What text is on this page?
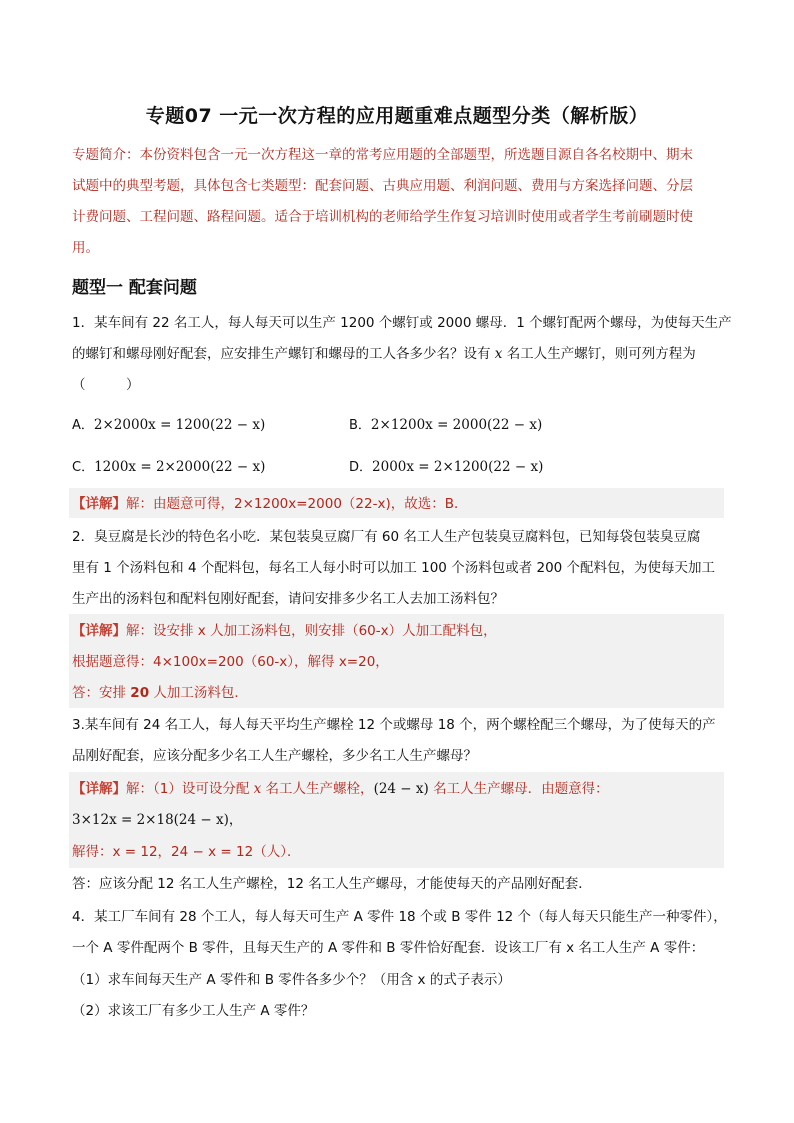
专题07 一元一次方程的应用题重难点题型分类（解析版）
专题简介：本份资料包含一元一次方程这一章的常考应用题的全部题型，所选题目源自各名校期中、期末
试题中的典型考题，具体包含七类题型：配套问题、古典应用题、利润问题、费用与方案选择问题、分层
计费问题、工程问题、路程问题。适合于培训机构的老师给学生作复习培训时使用或者学生考前刷题时使
用。
题型一 配套问题
1．某车间有 22 名工人，每人每天可以生产 1200 个螺钉或 2000 螺母．1 个螺钉配两个螺母，为使每天生产
的螺钉和螺母刚好配套，应安排生产螺钉和螺母的工人各多少名？设有 x 名工人生产螺钉，则可列方程为
（　　　）
A．2×2000x = 1200(22 − x)	B．2×1200x = 2000(22 − x)
C．1200x = 2×2000(22 − x)	D．2000x = 2×1200(22 − x)
【详解】解：由题意可得，2×1200x=2000（22-x)，故选：B．
2．臭豆腐是长沙的特色名小吃．某包装臭豆腐厂有 60 名工人生产包装臭豆腐料包，已知每袋包装臭豆腐
里有 1 个汤料包和 4 个配料包，每名工人每小时可以加工 100 个汤料包或者 200 个配料包，为使每天加工
生产出的汤料包和配料包刚好配套，请问安排多少名工人去加工汤料包？
【详解】解：设安排 x 人加工汤料包，则安排（60-x）人加工配料包，
根据题意得：4×100x=200（60-x），解得 x=20，
答：安排 20 人加工汤料包．
3.某车间有 24 名工人，每人每天平均生产螺栓 12 个或螺母 18 个，两个螺栓配三个螺母，为了使每天的产
品刚好配套，应该分配多少名工人生产螺栓，多少名工人生产螺母？
【详解】解：（1）设可设分配 x 名工人生产螺栓，(24 − x) 名工人生产螺母．由题意得：
3×12x = 2×18(24 − x)，
解得：x = 12，24 − x = 12（人）．
答：应该分配 12 名工人生产螺栓，12 名工人生产螺母，才能使每天的产品刚好配套．
4．某工厂车间有 28 个工人，每人每天可生产 A 零件 18 个或 B 零件 12 个（每人每天只能生产一种零件），
一个 A 零件配两个 B 零件，且每天生产的 A 零件和 B 零件恰好配套．设该工厂有 x 名工人生产 A 零件：
（1）求车间每天生产 A 零件和 B 零件各多少个？（用含 x 的式子表示）
（2）求该工厂有多少工人生产 A 零件？
